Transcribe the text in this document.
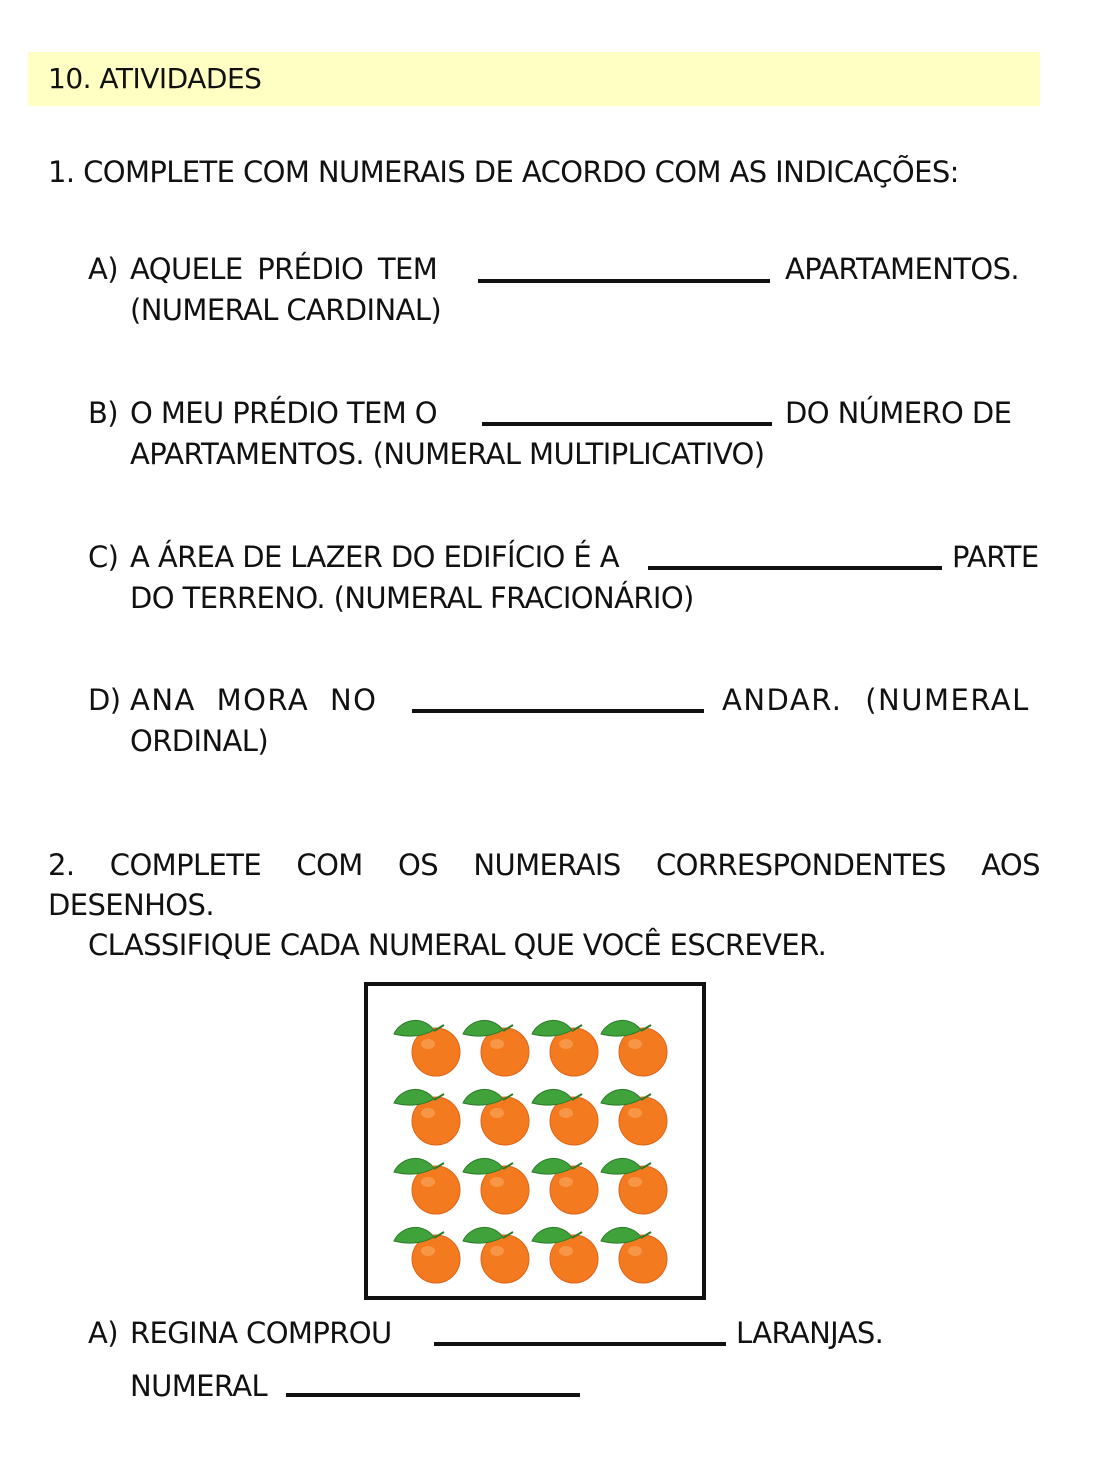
10. ATIVIDADES
1. COMPLETE COM NUMERAIS DE ACORDO COM AS INDICAÇÕES:
A) AQUELE PRÉDIO TEM	APARTAMENTOS.
(NUMERAL CARDINAL)
B) O MEU PRÉDIO TEM O	DO NÚMERO DE
APARTAMENTOS. (NUMERAL MULTIPLICATIVO)
C) A ÁREA DE LAZER DO EDIFÍCIO É A	PARTE
DO TERRENO. (NUMERAL FRACIONÁRIO)
D) ANA MORA NO	ANDAR. (NUMERAL
ORDINAL)
2. COMPLETE COM OS NUMERAIS CORRESPONDENTES AOS
DESENHOS.
CLASSIFIQUE CADA NUMERAL QUE VOCÊ ESCREVER.
A) REGINA COMPROU	LARANJAS.
NUMERAL
